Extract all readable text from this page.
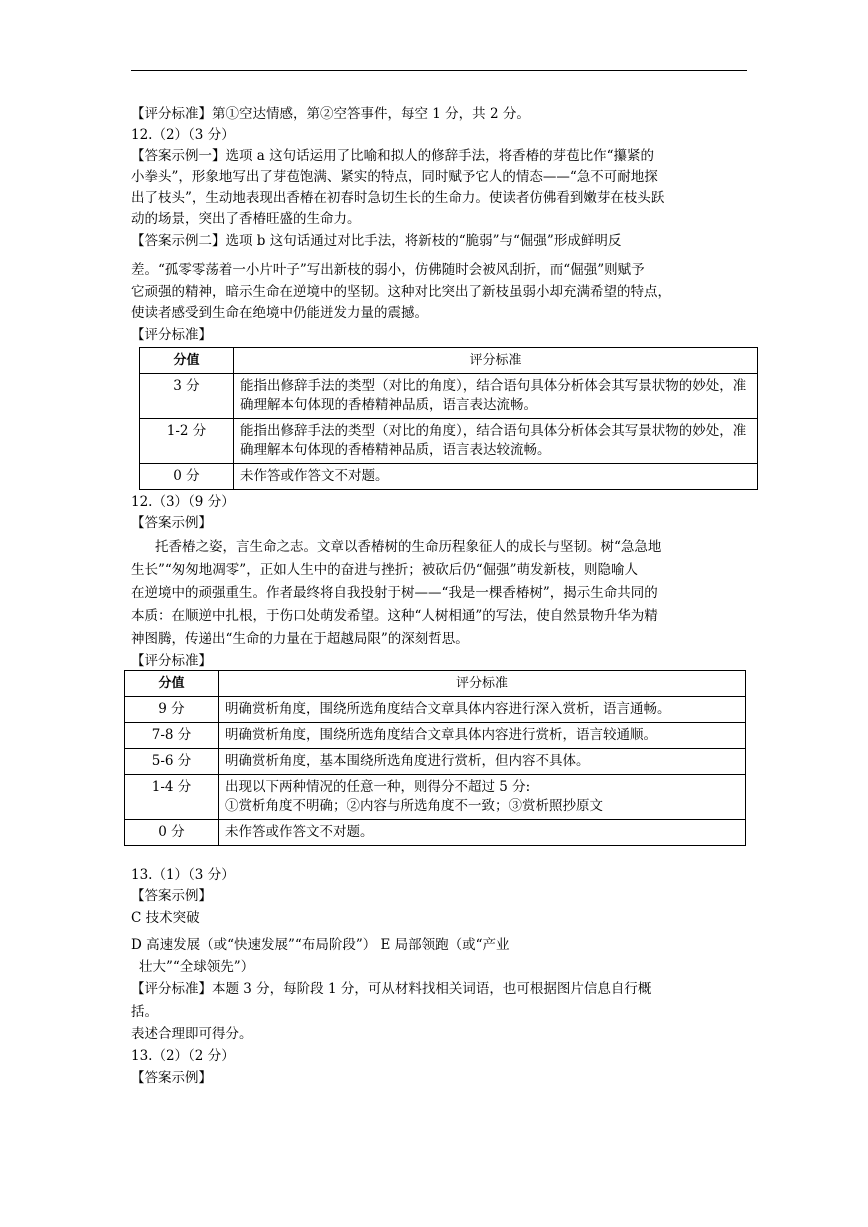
【评分标准】第①空达情感，第②空答事件，每空 1 分，共 2 分。
12.（2）（3 分）
【答案示例一】选项 a 这句话运用了比喻和拟人的修辞手法，将香椿的芽苞比作“攥紧的
小拳头”，形象地写出了芽苞饱满、紧实的特点，同时赋予它人的情态——“急不可耐地探
出了枝头”，生动地表现出香椿在初春时急切生长的生命力。使读者仿佛看到嫩芽在枝头跃
动的场景，突出了香椿旺盛的生命力。
【答案示例二】选项 b 这句话通过对比手法，将新枝的“脆弱”与“倔强”形成鲜明反
差。“孤零零荡着一小片叶子”写出新枝的弱小，仿佛随时会被风刮折，而“倔强”则赋予
它顽强的精神，暗示生命在逆境中的坚韧。这种对比突出了新枝虽弱小却充满希望的特点，
使读者感受到生命在绝境中仍能迸发力量的震撼。
【评分标准】
分值	评分标准
3 分	能指出修辞手法的类型（对比的角度），结合语句具体分析体会其写景状物的妙处，准确理解本句体现的香椿精神品质，语言表达流畅。
1-2 分	能指出修辞手法的类型（对比的角度），结合语句具体分析体会其写景状物的妙处，准确理解本句体现的香椿精神品质，语言表达较流畅。
0 分	未作答或作答文不对题。
12.（3）（9 分）
【答案示例】
托香椿之姿，言生命之志。文章以香椿树的生命历程象征人的成长与坚韧。树“急急地
生长”“匆匆地凋零”，正如人生中的奋进与挫折；被砍后仍“倔强”萌发新枝，则隐喻人
在逆境中的顽强重生。作者最终将自我投射于树——“我是一棵香椿树”，揭示生命共同的
本质：在顺逆中扎根，于伤口处萌发希望。这种“人树相通”的写法，使自然景物升华为精
神图腾，传递出“生命的力量在于超越局限”的深刻哲思。
【评分标准】
分值	评分标准
9 分	明确赏析角度，围绕所选角度结合文章具体内容进行深入赏析，语言通畅。
7-8 分	明确赏析角度，围绕所选角度结合文章具体内容进行赏析，语言较通顺。
5-6 分	明确赏析角度，基本围绕所选角度进行赏析，但内容不具体。
1-4 分	出现以下两种情况的任意一种，则得分不超过 5 分:
①赏析角度不明确；②内容与所选角度不一致；③赏析照抄原文

0 分	未作答或作答文不对题。
13.（1）（3 分）
【答案示例】
C 技术突破
D 高速发展（或“快速发展”“布局阶段”） E 局部领跑（或“产业
壮大”“全球领先”）
【评分标准】本题 3 分，每阶段 1 分，可从材料找相关词语，也可根据图片信息自行概
括。
表述合理即可得分。
13.（2）（2 分）
【答案示例】
